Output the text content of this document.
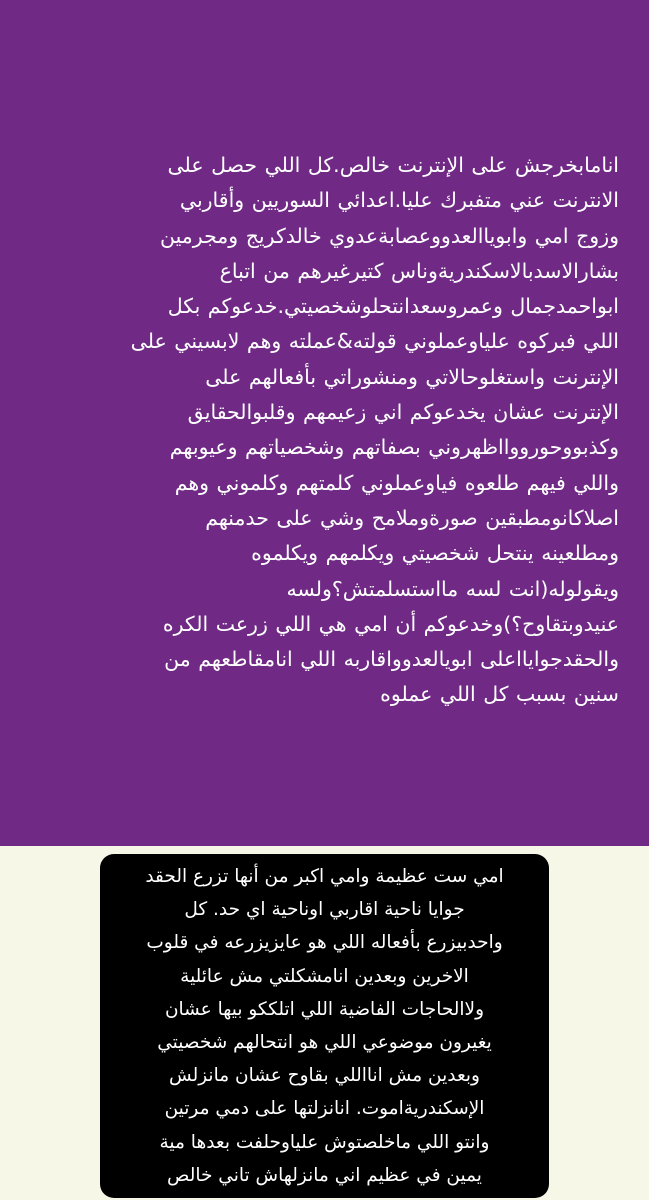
انامابخرجش على الإنترنت خالص.كل اللي حصل على
الانترنت عني متفبرك عليا.اعدائي السوريين وأقاربي
وزوج امي وابوياالعدووعصابةعدوي خالدكريج ومجرمين
بشارالاسدبالاسكندريةوناس كتيرغيرهم من اتباع
ابواحمدجمال وعمروسعدانتحلوشخصيتي.خدعوكم بكل
اللي فبركوه علياوعملوني قولته&عملته وهم لابسيني على
الإنترنت واستغلوحالاتي ومنشوراتي بأفعالهم على
الإنترنت عشان يخدعوكم اني زعيمهم وقلبوالحقايق
وكذبووحورووااظهروني بصفاتهم وشخصياتهم وعيوبهم
واللي فيهم طلعوه فياوعملوني كلمتهم وكلموني وهم
اصلاكانومطبقين صورةوملامح وشي على حدمنهم
ومطلعينه ينتحل شخصيتي ويكلمهم ويكلموه
ويقولوله(انت لسه مااستسلمتش؟ولسه
عنيدوبتقاوح؟)وخدعوكم أن امي هي اللي زرعت الكره
والحقدجوايااعلى ابويالعدوواقاربه اللي انامقاطعهم من
سنين بسبب كل اللي عملوه
امي ست عظيمة وامي اكبر من أنها تزرع الحقد
جوايا ناحية اقاربي اوناحية اي حد. كل
واحدبيزرع بأفعاله اللي هو عايزيزرعه في قلوب
الاخرين وبعدين انامشكلتي مش عائلية
ولاالحاجات الفاضية اللي اتلككو بيها عشان
يغيرون موضوعي اللي هو انتحالهم شخصيتي
وبعدين مش انااللي بقاوح عشان مانزلش
الإسكندريةاموت. انانزلتها على دمي مرتين
وانتو اللي ماخلصتوش علياوحلفت بعدها مية
يمين في عظيم اني مانزلهاش تاني خالص
